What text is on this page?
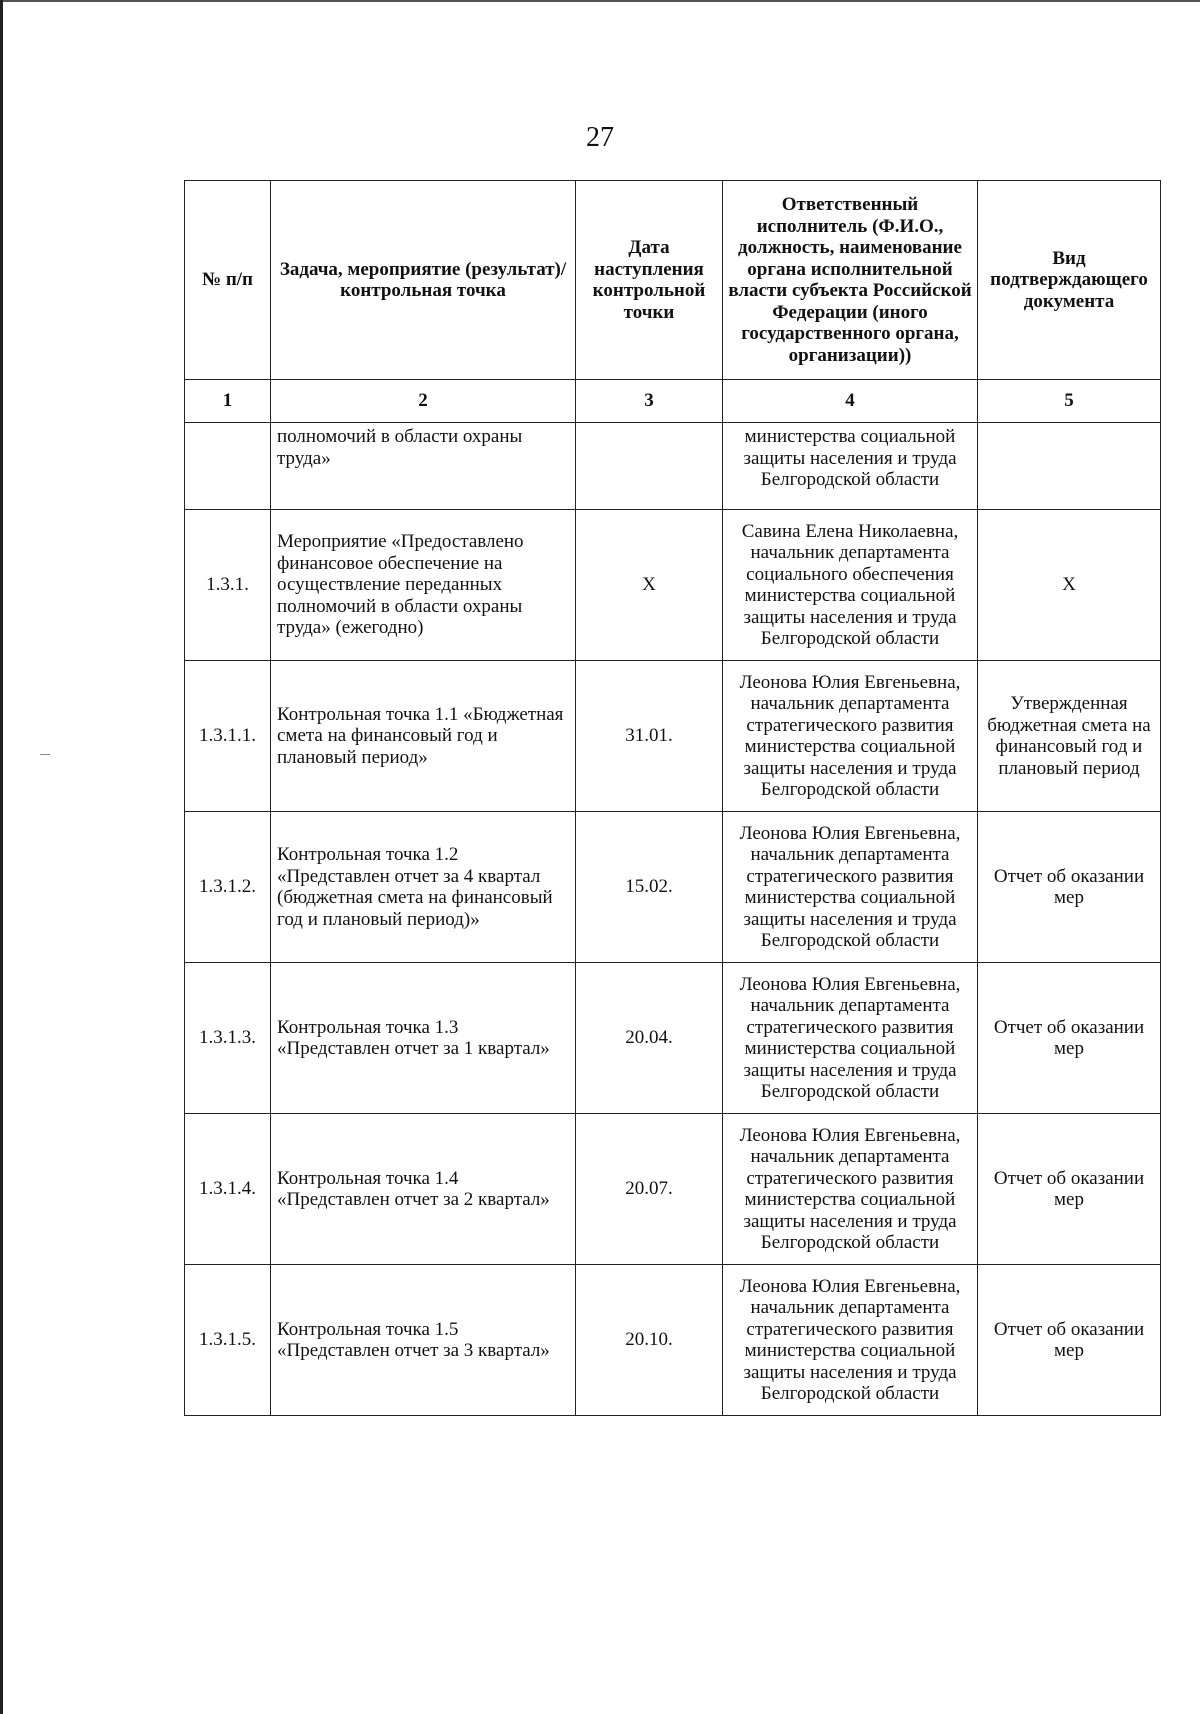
27
№ п/п	Задача, мероприятие (результат)/контрольная точка	Дата наступления контрольной точки	Ответственный исполнитель (Ф.И.О., должность, наименование органа исполнительной власти субъекта Российской Федерации (иного государственного органа, организации))	Вид подтверждающего документа
1	2	3	4	5
	полномочий в области охраны труда»		министерства социальной защиты населения и труда Белгородской области	
1.3.1.	Мероприятие «Предоставлено финансовое обеспечение на осуществление переданных полномочий в области охраны труда» (ежегодно)	Х	Савина Елена Николаевна, начальник департамента социального обеспечения министерства социальной защиты населения и труда Белгородской области	Х
1.3.1.1.	Контрольная точка 1.1 «Бюджетная смета на финансовый год и плановый период»	31.01.	Леонова Юлия Евгеньевна, начальник департамента стратегического развития министерства социальной защиты населения и труда Белгородской области	Утвержденная бюджетная смета на финансовый год и плановый период
1.3.1.2.	Контрольная точка 1.2 «Представлен отчет за 4 квартал (бюджетная смета на финансовый год и плановый период)»	15.02.	Леонова Юлия Евгеньевна, начальник департамента стратегического развития министерства социальной защиты населения и труда Белгородской области	Отчет об оказании мер
1.3.1.3.	Контрольная точка 1.3 «Представлен отчет за 1 квартал»	20.04.	Леонова Юлия Евгеньевна, начальник департамента стратегического развития министерства социальной защиты населения и труда Белгородской области	Отчет об оказании мер
1.3.1.4.	Контрольная точка 1.4 «Представлен отчет за 2 квартал»	20.07.	Леонова Юлия Евгеньевна, начальник департамента стратегического развития министерства социальной защиты населения и труда Белгородской области	Отчет об оказании мер
1.3.1.5.	Контрольная точка 1.5 «Представлен отчет за 3 квартал»	20.10.	Леонова Юлия Евгеньевна, начальник департамента стратегического развития министерства социальной защиты населения и труда Белгородской области	Отчет об оказании мер
